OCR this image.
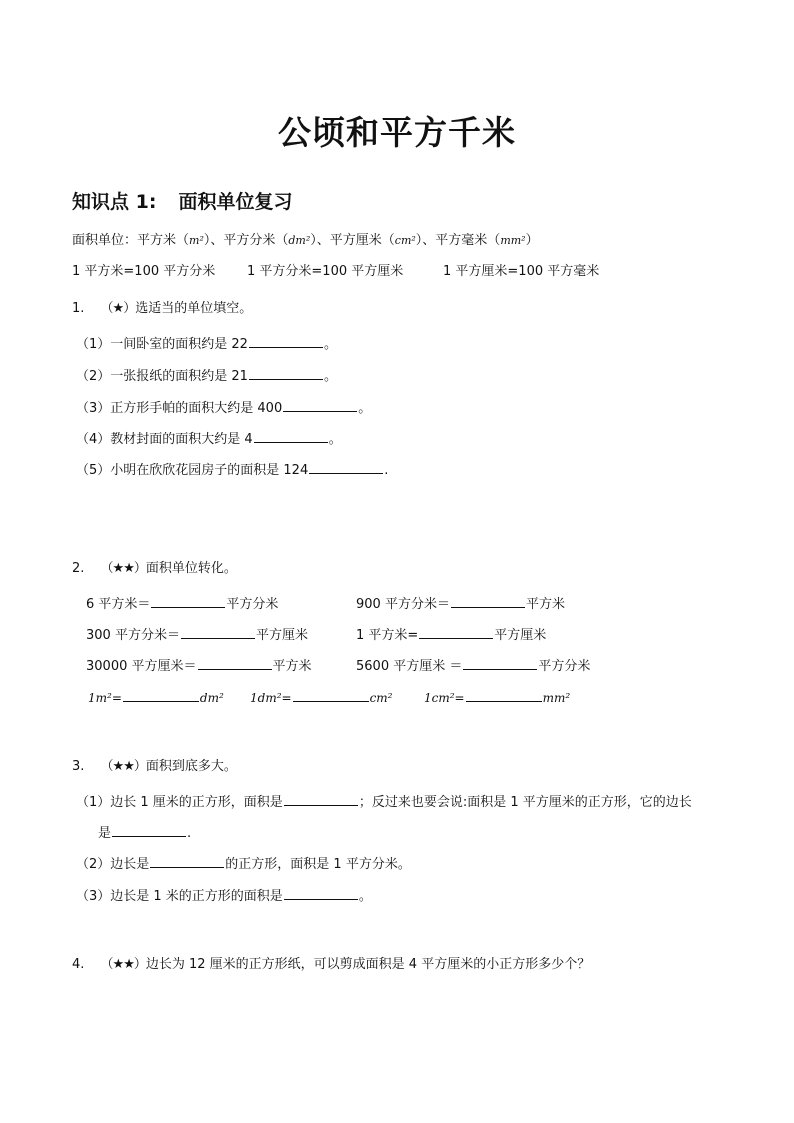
公顷和平方千米
知识点 1: 面积单位复习
面积单位：平方米（m²）、平方分米（dm²）、平方厘米（cm²）、平方毫米（mm²）
1 平方米=100 平方分米 1 平方分米=100 平方厘米	1 平方厘米=100 平方毫米
1. （★）选适当的单位填空。
（1）一间卧室的面积约是 22	。
（2）一张报纸的面积约是 21	。
（3）正方形手帕的面积大约是 400	。
（4）教材封面的面积大约是 4	。
（5）小明在欣欣花园房子的面积是 124	.
2. （★★）面积单位转化。
6 平方米＝	平方分米	900 平方分米＝	平方米
300 平方分米＝	平方厘米	1 平方米=	平方厘米
30000 平方厘米＝	平方米	5600 平方厘米 ＝	平方分米
1m²=	dm² 1dm²=	cm²	1cm²=	mm²
3. （★★）面积到底多大。
（1）边长 1 厘米的正方形，面积是	；反过来也要会说:面积是 1 平方厘米的正方形，它的边长
是	.
（2）边长是	的正方形，面积是 1 平方分米。
（3）边长是 1 米的正方形的面积是	。
4. （★★）边长为 12 厘米的正方形纸，可以剪成面积是 4 平方厘米的小正方形多少个？
